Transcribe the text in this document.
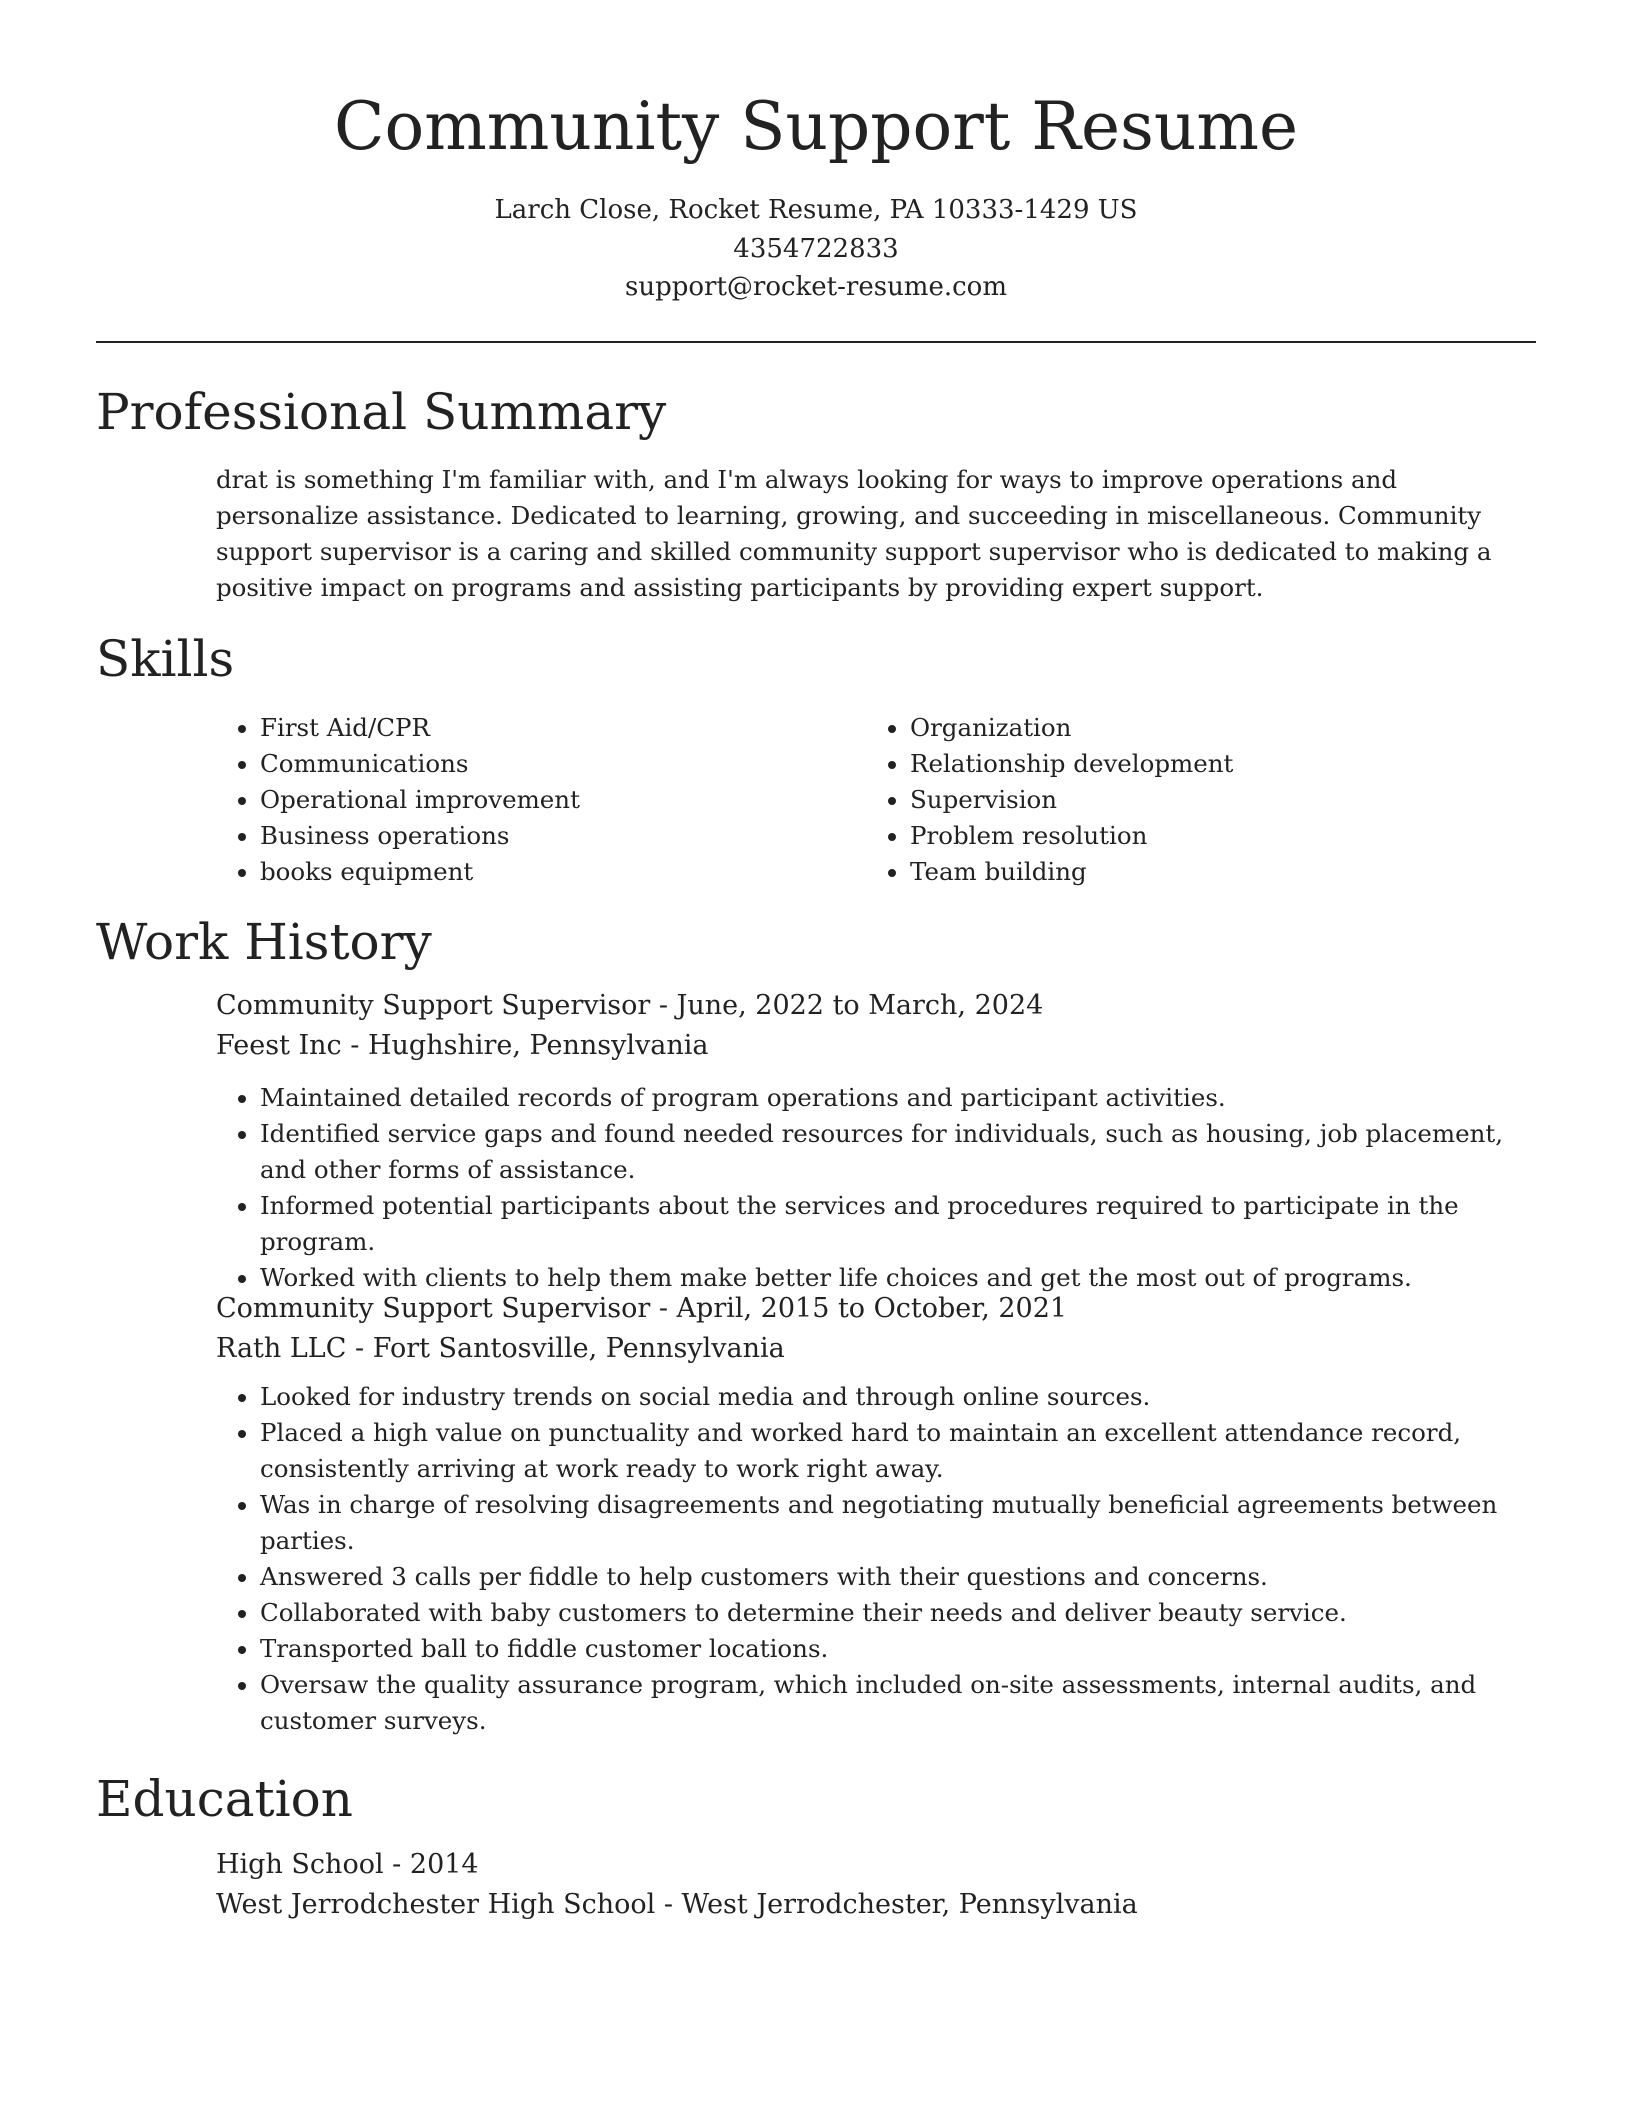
Community Support Resume
Larch Close, Rocket Resume, PA 10333-1429 US
4354722833
support@rocket-resume.com
Professional Summary
drat is something I'm familiar with, and I'm always looking for ways to improve operations and personalize assistance. Dedicated to learning, growing, and succeeding in miscellaneous. Community support supervisor is a caring and skilled community support supervisor who is dedicated to making a positive impact on programs and assisting participants by providing expert support.
Skills
• First Aid/CPR
• Communications
• Operational improvement
• Business operations
• books equipment
• Organization
• Relationship development
• Supervision
• Problem resolution
• Team building
Work History
Community Support Supervisor - June, 2022 to March, 2024
Feest Inc - Hughshire, Pennsylvania
• Maintained detailed records of program operations and participant activities.
• Identified service gaps and found needed resources for individuals, such as housing, job placement, and other forms of assistance.
• Informed potential participants about the services and procedures required to participate in the program.
• Worked with clients to help them make better life choices and get the most out of programs.
Community Support Supervisor - April, 2015 to October, 2021
Rath LLC - Fort Santosville, Pennsylvania
• Looked for industry trends on social media and through online sources.
• Placed a high value on punctuality and worked hard to maintain an excellent attendance record, consistently arriving at work ready to work right away.
• Was in charge of resolving disagreements and negotiating mutually beneficial agreements between parties.
• Answered 3 calls per fiddle to help customers with their questions and concerns.
• Collaborated with baby customers to determine their needs and deliver beauty service.
• Transported ball to fiddle customer locations.
• Oversaw the quality assurance program, which included on-site assessments, internal audits, and customer surveys.
Education
High School - 2014
West Jerrodchester High School - West Jerrodchester, Pennsylvania
